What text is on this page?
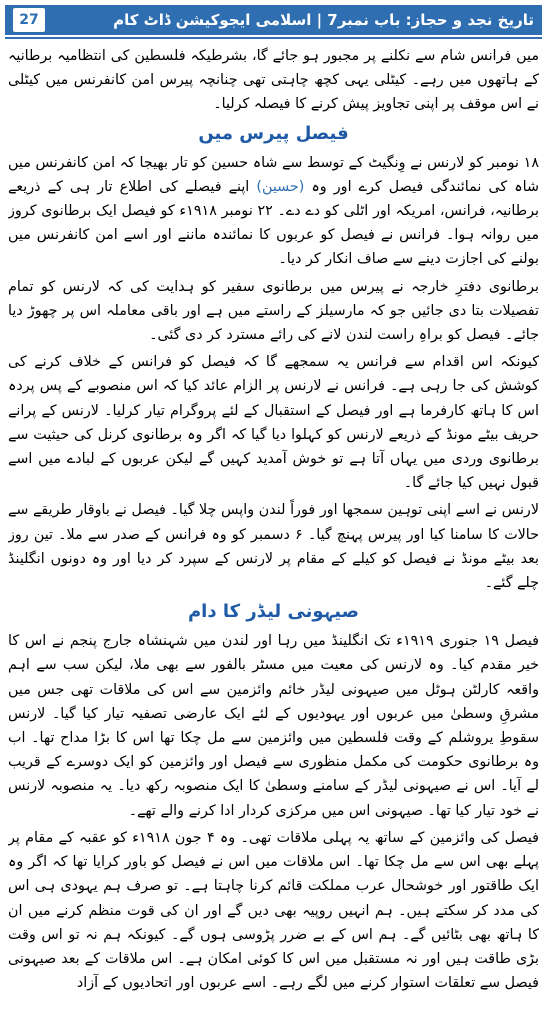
تاریخ نجد و حجاز: باب نمبر7 | اسلامی ایجوکیشن ڈاٹ کام
27

میں فرانس شام سے نکلنے پر مجبور ہو جائے گا، بشرطیکہ فلسطین کی انتظامیہ برطانیہ کے ہاتھوں میں رہے۔ کیٹلی یہی کچھ چاہتی تھی چنانچہ پیرس امن کانفرنس میں کیٹلی نے اس موقف پر اپنی تجاویز پیش کرنے کا فیصلہ کرلیا۔

فیصل پیرس میں

۱۸ نومبر کو لارنس نے وِنگیٹ کے توسط سے شاہ حسین کو تار بھیجا کہ امن کانفرنس میں شاہ کی نمائندگی فیصل کرے اور وہ (حسین) اپنے فیصلے کی اطلاع تار ہی کے ذریعے برطانیہ، فرانس، امریکہ اور اٹلی کو دے دے۔ ۲۲ نومبر ۱۹۱۸ء کو فیصل ایک برطانوی کروز میں روانہ ہوا۔ فرانس نے فیصل کو عربوں کا نمائندہ ماننے اور اسے امن کانفرنس میں بولنے کی اجازت دینے سے صاف انکار کر دیا۔

برطانوی دفترِ خارجہ نے پیرس میں برطانوی سفیر کو ہدایت کی کہ لارنس کو تمام تفصیلات بتا دی جائیں جو کہ مارسیلز کے راستے میں ہے اور باقی معاملہ اس پر چھوڑ دیا جائے۔ فیصل کو براہِ راست لندن لانے کی رائے مسترد کر دی گئی۔

کیونکہ اس اقدام سے فرانس یہ سمجھے گا کہ فیصل کو فرانس کے خلاف کرنے کی کوشش کی جا رہی ہے۔ فرانس نے لارنس پر الزام عائد کیا کہ اس منصوبے کے پس پردہ اس کا ہاتھ کارفرما ہے اور فیصل کے استقبال کے لئے پروگرام تیار کرلیا۔ لارنس کے پرانے حریف بیٹے مونڈ کے ذریعے لارنس کو کہلوا دیا گیا کہ اگر وہ برطانوی کرنل کی حیثیت سے برطانوی وردی میں یہاں آتا ہے تو خوش آمدید کہیں گے لیکن عربوں کے لبادے میں اسے قبول نہیں کیا جائے گا۔

لارنس نے اسے اپنی توہین سمجھا اور فوراً لندن واپس چلا گیا۔ فیصل نے باوقار طریقے سے حالات کا سامنا کیا اور پیرس پہنچ گیا۔ ۶ دسمبر کو وہ فرانس کے صدر سے ملا۔ تین روز بعد بیٹے مونڈ نے فیصل کو کیلے کے مقام پر لارنس کے سپرد کر دیا اور وہ دونوں انگلینڈ چلے گئے۔

صیہونی لیڈر کا دام

فیصل ۱۹ جنوری ۱۹۱۹ء تک انگلینڈ میں رہا اور لندن میں شہنشاہ جارج پنجم نے اس کا خیر مقدم کیا۔ وہ لارنس کی معیت میں مسٹر بالفور سے بھی ملا، لیکن سب سے اہم واقعہ کارلٹن ہوٹل میں صیہونی لیڈر خائم وائزمین سے اس کی ملاقات تھی جس میں مشرقِ وسطیٰ میں عربوں اور یہودیوں کے لئے ایک عارضی تصفیہ تیار کیا گیا۔ لارنس سقوطِ یروشلم کے وقت فلسطین میں وائزمین سے مل چکا تھا اس کا بڑا مداح تھا۔ اب وہ برطانوی حکومت کی مکمل منظوری سے فیصل اور وائزمین کو ایک دوسرے کے قریب لے آیا۔ اس نے صیہونی لیڈر کے سامنے وسطیٰ کا ایک منصوبہ رکھ دیا۔ یہ منصوبہ لارنس نے خود تیار کیا تھا۔ صیہونی اس میں مرکزی کردار ادا کرنے والے تھے۔

فیصل کی وائزمین کے ساتھ یہ پہلی ملاقات تھی۔ وہ ۴ جون ۱۹۱۸ء کو عقبہ کے مقام پر پہلے بھی اس سے مل چکا تھا۔ اس ملاقات میں اس نے فیصل کو باور کرایا تھا کہ اگر وہ ایک طاقتور اور خوشحال عرب مملکت قائم کرنا چاہتا ہے۔ تو صرف ہم یہودی ہی اس کی مدد کر سکتے ہیں۔ ہم انہیں روپیہ بھی دیں گے اور ان کی قوت منظم کرنے میں ان کا ہاتھ بھی بٹائیں گے۔ ہم اس کے بے ضرر پڑوسی ہوں گے۔ کیونکہ ہم نہ تو اس وقت بڑی طاقت ہیں اور نہ مستقبل میں اس کا کوئی امکان ہے۔ اس ملاقات کے بعد صیہونی فیصل سے تعلقات استوار کرنے میں لگے رہے۔ اسے عربوں اور اتحادیوں کے آزاد
